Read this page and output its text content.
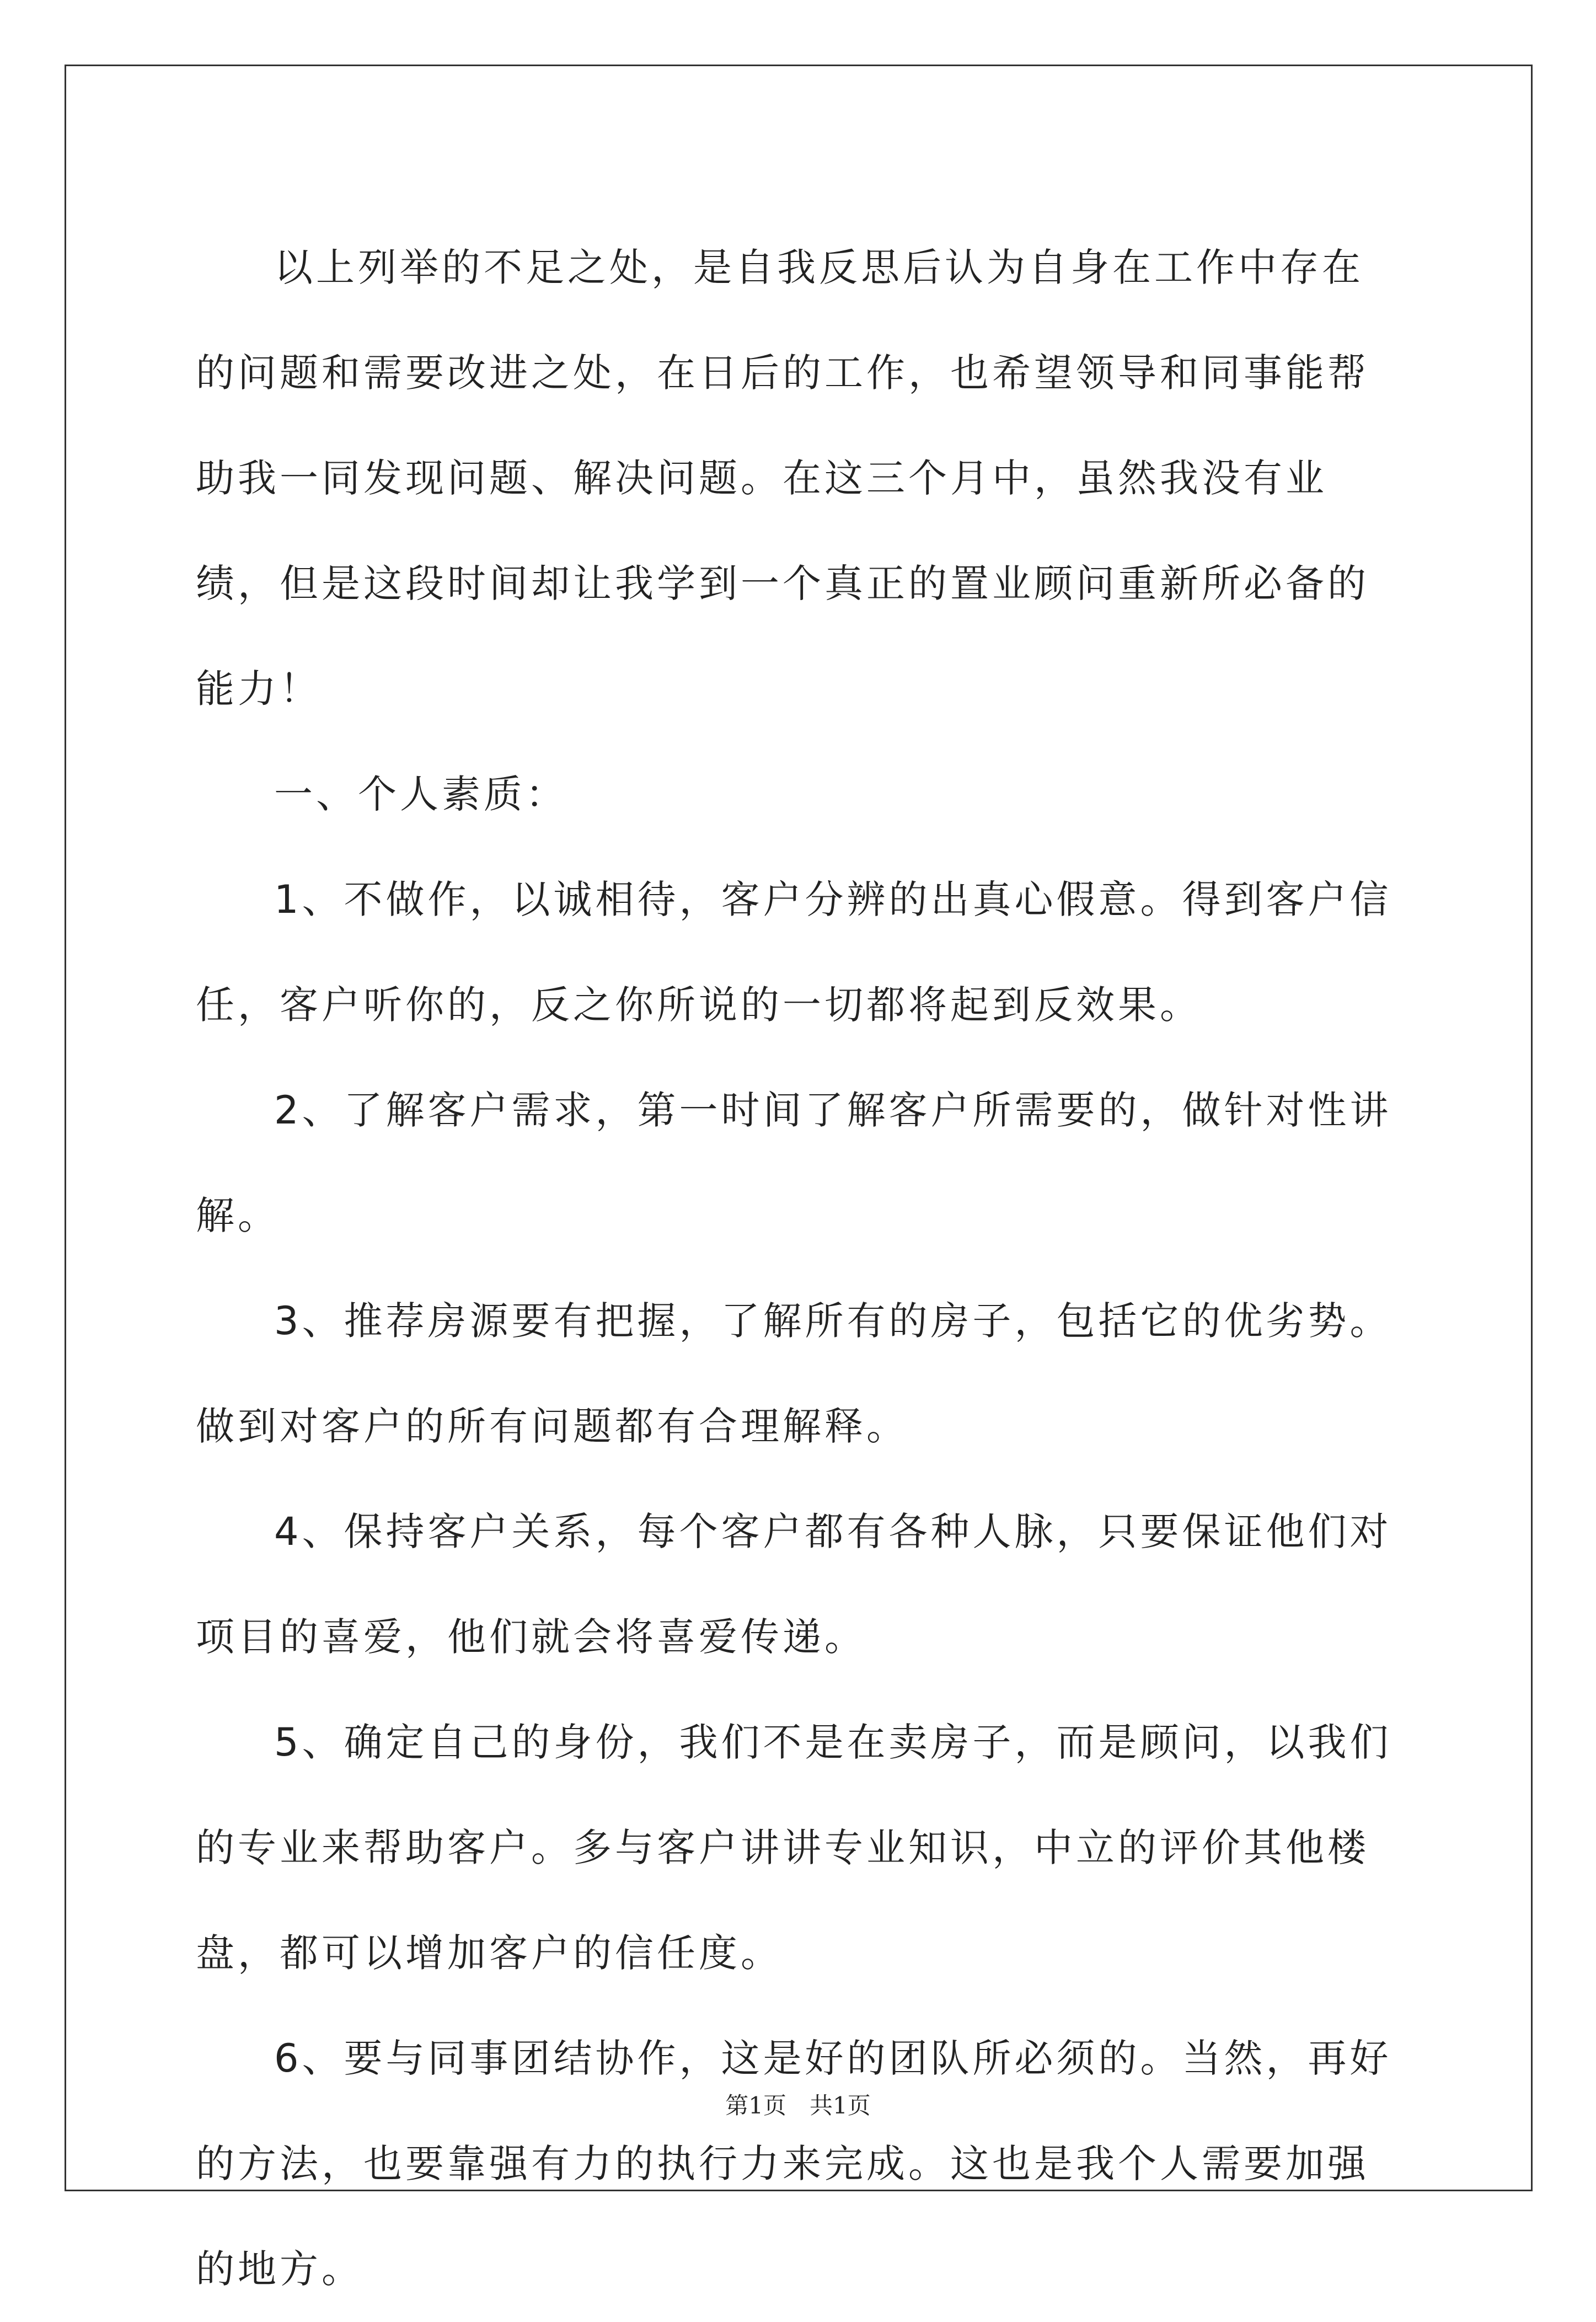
以上列举的不足之处，是自我反思后认为自身在工作中存在的问题和需要改进之处，在日后的工作，也希望领导和同事能帮助我一同发现问题、解决问题。在这三个月中，虽然我没有业绩，但是这段时间却让我学到一个真正的置业顾问重新所必备的能力！

一、个人素质：

1、不做作，以诚相待，客户分辨的出真心假意。得到客户信任，客户听你的，反之你所说的一切都将起到反效果。

2、了解客户需求，第一时间了解客户所需要的，做针对性讲解。

3、推荐房源要有把握，了解所有的房子，包括它的优劣势。做到对客户的所有问题都有合理解释。

4、保持客户关系，每个客户都有各种人脉，只要保证他们对项目的喜爱，他们就会将喜爱传递。

5、确定自己的身份，我们不是在卖房子，而是顾问，以我们的专业来帮助客户。多与客户讲讲专业知识，中立的评价其他楼盘，都可以增加客户的信任度。

6、要与同事团结协作，这是好的团队所必须的。当然，再好的方法，也要靠强有力的执行力来完成。这也是我个人需要加强的地方。

第1页　共1页
